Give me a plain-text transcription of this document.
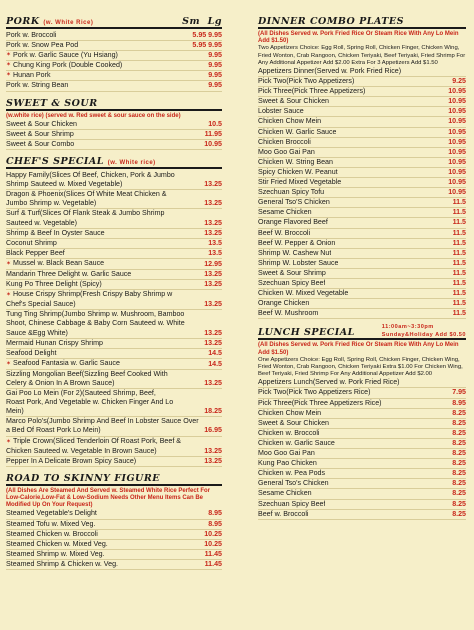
PORK (w. White Rice)	Sm Lg
Pork w. Broccoli	5.95 9.95
Pork w. Snow Pea Pod	5.95 9.95
✶ Pork w. Garlic Sauce (Yu Hsiang)	9.95
✶ Chung King Pork (Double Cooked)	9.95
✶ Hunan Pork	9.95
Pork w. String Bean	9.95
SWEET & SOUR
(w.white rice) (served w. Red sweet & sour sauce on the side)
Sweet & Sour Chicken	10.5
Sweet & Sour Shrimp	11.95
Sweet & Sour Combo	10.95
CHEF'S SPECIAL (w. White rice)
Happy Family(Slices Of Beef, Chicken, Pork & Jumbo
Shrimp Sauteed w. Mixed Vegetable)	13.25
Dragon & Phoenix(Slices Of White Meat Chicken &
Jumbo Shrimp w. Vegetable)	13.25
Surf & Turf(Slices Of Flank Steak & Jumbo Shrimp
Sauteed w. Vegetable)	13.25
Shrimp & Beef In Oyster Sauce	13.25
Coconut Shrimp	13.5
Black Pepper Beef	13.5
✶ Mussel w. Black Bean Sauce	12.95
Mandarin Three Delight w. Garlic Sauce	13.25
Kung Po Three Delight (Spicy)	13.25
✶ House Crispy Shrimp(Fresh Crispy Baby Shrimp w
Chef's Special Sauce)	13.25
Tung Ting Shrimp(Jumbo Shrimp w. Mushroom, Bamboo
Shoot, Chinese Cabbage & Baby Corn Sauteed w. White
Sauce &Egg White)	13.25
Mermaid Hunan Crispy Shrimp	13.25
Seafood Delight	14.5
✶ Seafood Fantasia w. Garlic Sauce	14.5
Sizzling Mongolian Beef(Sizzling Beef Cooked With
Celery & Onion In A Brown Sauce)	13.25
Gai Poo Lo Mein (For 2)(Sauteed Shrimp, Beef,
Roast Pork, And Vegetable w. Chicken Finger And Lo
Mein)	18.25
Marco Polo's(Jumbo Shrimp And Beef In Lobster Sauce Over
a Bed Of Roast Pork Lo Mein)	16.95
✶ Triple Crown(Sliced Tenderloin Of Roast Pork, Beef &
Chicken Sauteed w. Vegetable In Brown Sauce)	13.25
Pepper In A Delicate Brown Spicy Sauce)	13.25
ROAD TO SKINNY FIGURE
(All Dishes Are Steamed And Served w. Steamed White Rice Perfect For Low-Calorie,Low-Fat & Low-Sodium Needs Other Menu Items Can Be Modified Up On Your Request)
Steamed Vegetable's Delight	8.95
Steamed Tofu w. Mixed Veg.	8.95
Steamed Chicken w. Broccoli	10.25
Steamed Chicken w. Mixed Veg.	10.25
Steamed Shrimp w. Mixed Veg.	11.45
Steamed Shrimp & Chicken w. Veg.	11.45
DINNER COMBO PLATES
(All Dishes Served w. Pork Fried Rice Or Steam Rice With Any Lo Mein Add $1.50)
Two Appetizers Choice: Egg Roll, Spring Roll, Chicken Finger, Chicken Wing, Fried Wonton, Crab Rangoon, Chicken Teriyaki, Beef Teriyaki, Fried Shrimp For Any Additional Appetizer Add $2.00 Extra For 3 Appetizers Add $1.50
Appetizers Dinner(Served w. Pork Fried Rice)
Pick Two(Pick Two Appetizers)	9.25
Pick Three(Pick Three Appetizers)	10.95
Sweet & Sour Chicken	10.95
Lobster Sauce	10.95
Chicken Chow Mein	10.95
Chicken W. Garlic Sauce	10.95
Chicken Broccoli	10.95
Moo Goo Gai Pan	10.95
Chicken W. String Bean	10.95
Spicy Chicken W. Peanut	10.95
Stir Fried Mixed Vegetable	10.95
Szechuan Spicy Tofu	10.95
General Tso'S Chicken	11.5
Sesame Chicken	11.5
Orange Flavored Beef	11.5
Beef W. Broccoli	11.5
Beef W. Pepper & Onion	11.5
Shrimp W. Cashew Nut	11.5
Shrimp W. Lobster Sauce	11.5
Sweet & Sour Shrimp	11.5
Szechuan Spicy Beef	11.5
Chicken W. Mixed Vegetable	11.5
Orange Chicken	11.5
Beef W. Mushroom	11.5
LUNCH SPECIAL	11:00am~3:30pm
Sunday&Holiday Add $0.50
(All Dishes Served w. Pork Fried Rice Or Steam Rice With Any Lo Mein Add $1.50)
One Appetizers Choice: Egg Roll, Spring Roll, Chicken Finger, Chicken Wing, Fried Wonton, Crab Rangoon, Chicken Teriyaki Extra $1.00 For Chicken Wing, Beef Teriyaki, Fried Shrimp For Any Additional Appetizer Add $2.00
Appetizers Lunch(Served w. Pork Fried Rice)
Pick Two(Pick Two Appetizers Rice)	7.95
Pick Three(Pick Three Appetizers Rice)	8.95
Chicken Chow Mein	8.25
Sweet & Sour Chicken	8.25
Chicken w. Broccoli	8.25
Chicken w. Garlic Sauce	8.25
Moo Goo Gai Pan	8.25
Kung Pao Chicken	8.25
Chicken w. Pea Pods	8.25
General Tso's Chicken	8.25
Sesame Chicken	8.25
Szechuan Spicy Beef	8.25
Beef w. Broccoli	8.25
